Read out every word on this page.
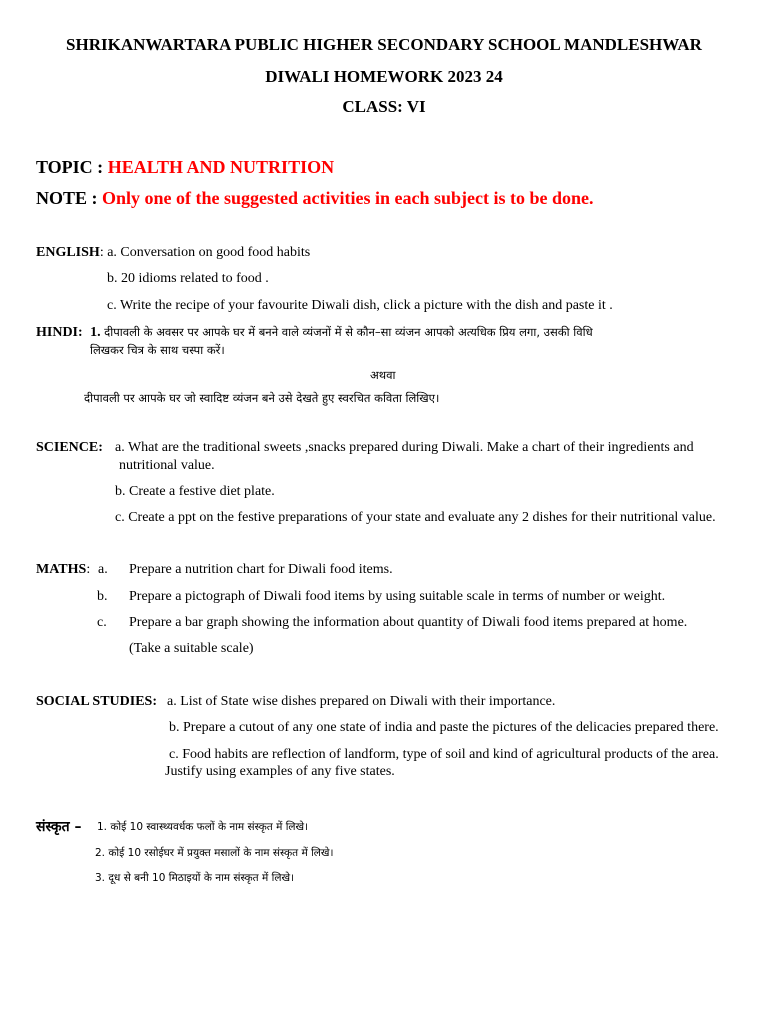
SHRIKANWARTARA PUBLIC HIGHER SECONDARY SCHOOL MANDLESHWAR
DIWALI HOMEWORK 2023 24
CLASS: VI
TOPIC : HEALTH AND NUTRITION
NOTE : Only one of the suggested activities in each subject is to be done.
ENGLISH: a. Conversation on good food habits
b. 20 idioms related to food .
c. Write the recipe of your favourite Diwali dish, click a picture with the dish and paste it .
HINDI: 1. दीपावली के अवसर पर आपके घर में बनने वाले व्यंजनों में से कौन–सा व्यंजन आपको अत्यधिक प्रिय लगा, उसकी विधि
लिखकर चित्र के साथ चस्पा करें।
अथवा
दीपावली पर आपके घर जो स्वादिष्ट व्यंजन बने उसे देखते हुए स्वरचित कविता लिखिए।
SCIENCE: a. What are the traditional sweets ,snacks prepared during Diwali. Make a chart of their ingredients and
nutritional value.
b. Create a festive diet plate.
c. Create a ppt on the festive preparations of your state and evaluate any 2 dishes for their nutritional value.
MATHS: a. Prepare a nutrition chart for Diwali food items.
b. Prepare a pictograph of Diwali food items by using suitable scale in terms of number or weight.
c. Prepare a bar graph showing the information about quantity of Diwali food items prepared at home.
(Take a suitable scale)
SOCIAL STUDIES: a. List of State wise dishes prepared on Diwali with their importance.
b. Prepare a cutout of any one state of india and paste the pictures of the delicacies prepared there.
c. Food habits are reflection of landform, type of soil and kind of agricultural products of the area.
Justify using examples of any five states.
संस्कृत – 1. कोई 10 स्वास्थ्यवर्धक फलों के नाम संस्कृत में लिखे।
2. कोई 10 रसोईघर में प्रयुक्त मसालों के नाम संस्कृत में लिखे।
3. दूध से बनी 10 मिठाइयों के नाम संस्कृत में लिखे।
